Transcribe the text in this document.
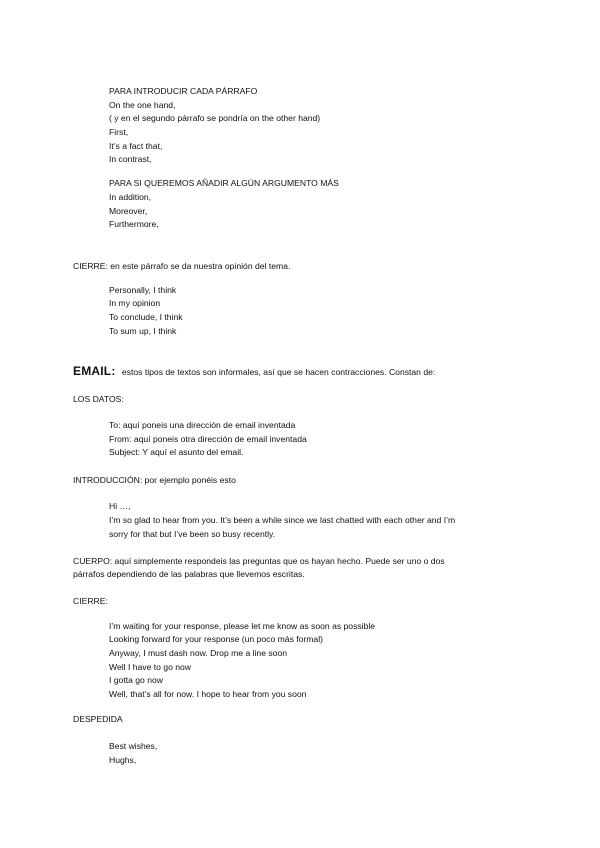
PARA INTRODUCIR CADA PÁRRAFO
On the one hand,
( y en el segundo párrafo se pondría on the other hand)
First,
It’s a fact that,
In contrast,
PARA SI QUEREMOS AÑADIR ALGÚN ARGUMENTO MÁS
In addition,
Moreover,
Furthermore,
CIERRE: en este párrafo se da nuestra opinión del tema.
Personally, I think
In my opinion
To conclude, I think
To sum up, I think
EMAIL: estos tipos de textos son informales, así que se hacen contracciones. Constan de:
LOS DATOS:
To: aquí poneis una dirección de email inventada
From: aquí poneis otra dirección de email inventada
Subject: Y aquí el asunto del email.
INTRODUCCIÓN: por ejemplo ponéis esto
Hi …,
I’m so glad to hear from you. It’s been a while since we last chatted with each other and I’m
sorry for that but I’ve been so busy recently.
CUERPO: aquí simplemente respondeis las preguntas que os hayan hecho. Puede ser uno o dos
párrafos dependiendo de las palabras que llevemos escritas.
CIERRE:
I’m waiting for your response, please let me know as soon as possible
Looking forward for your response (un poco más formal)
Anyway, I must dash now. Drop me a line soon
Well I have to go now
I gotta go now
Well, that’s all for now. I hope to hear from you soon
DESPEDIDA
Best wishes,
Hughs,
